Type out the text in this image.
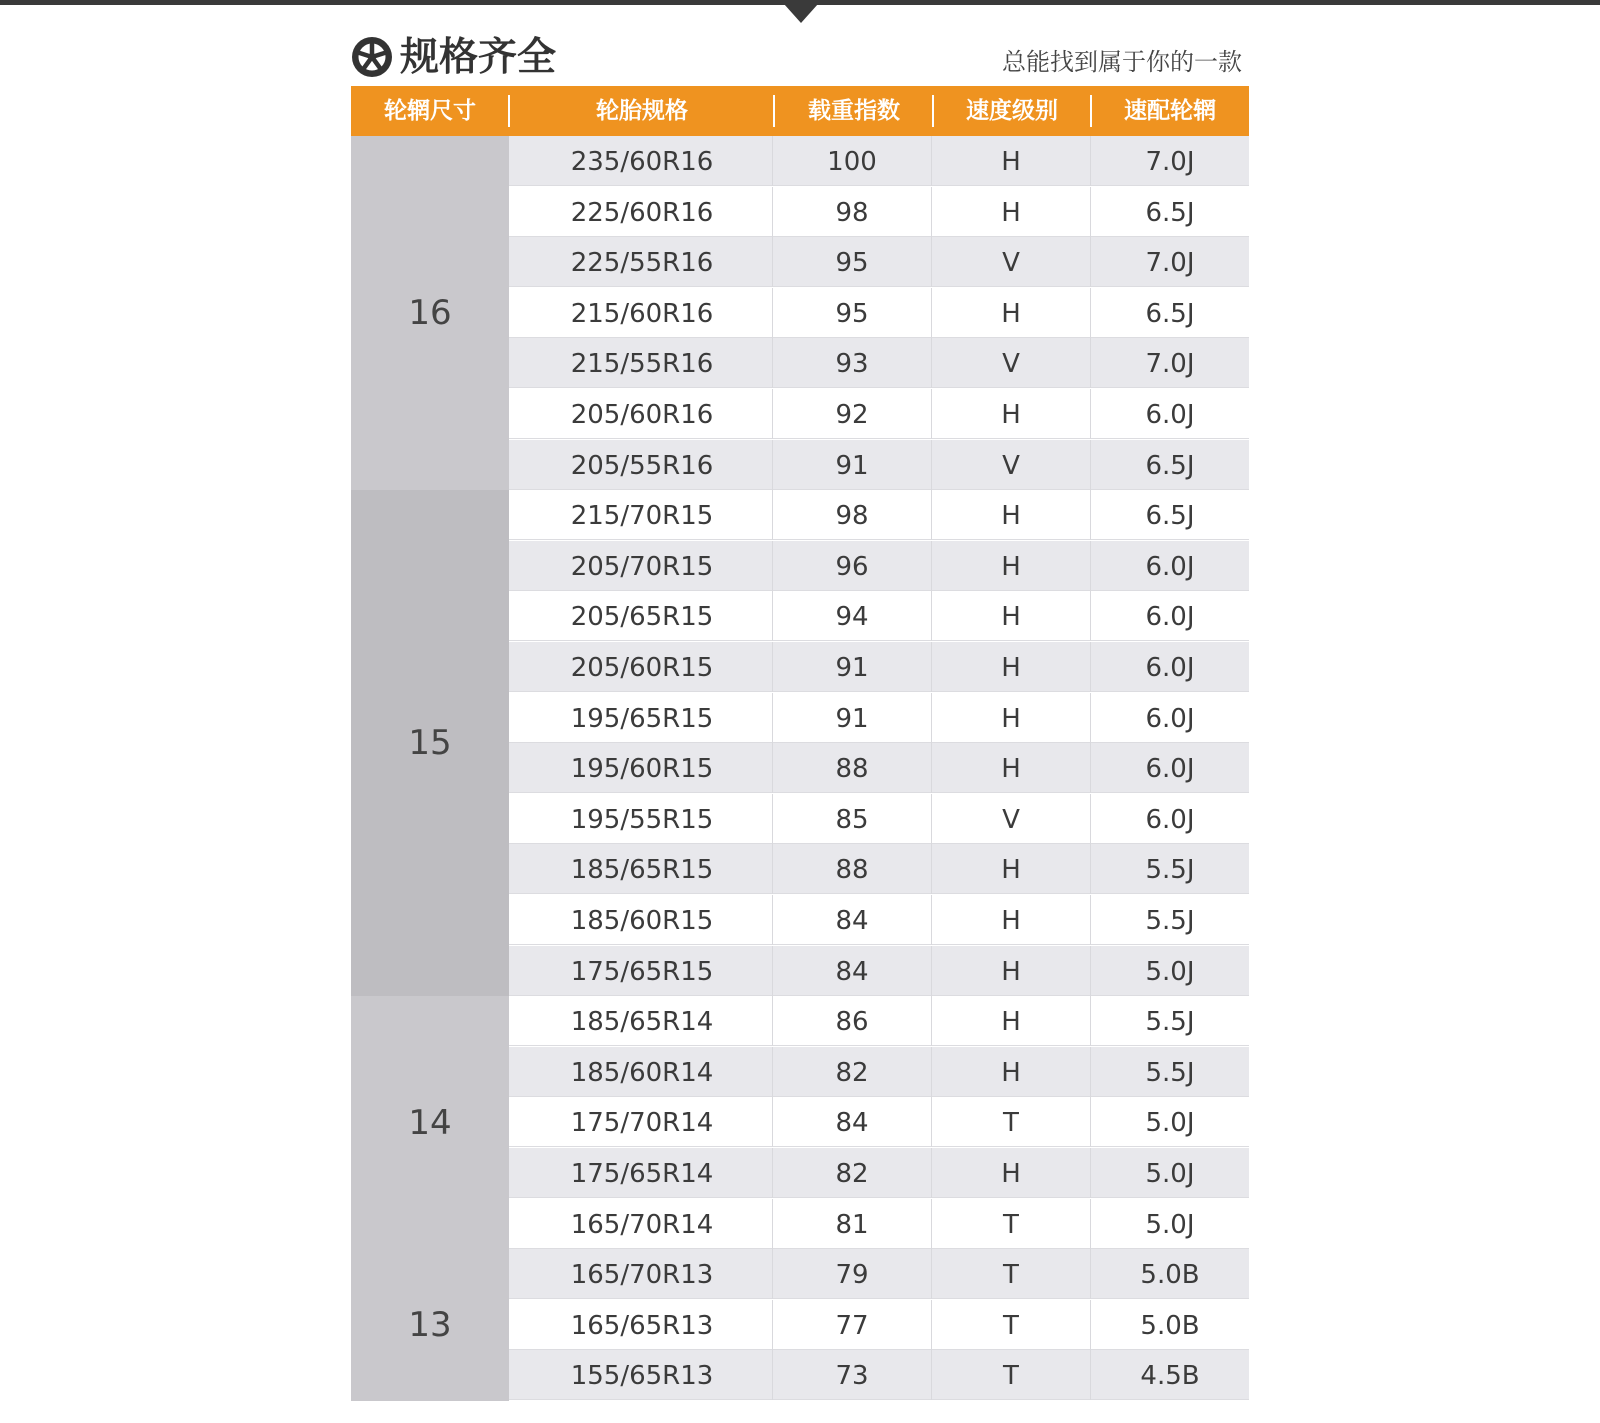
规格齐全	总能找到属于你的一款
轮辋尺寸	轮胎规格	载重指数	速度级别	速配轮辋
16
235/60R16	100	H	7.0J
225/60R16	98	H	6.5J
225/55R16	95	V	7.0J
215/60R16	95	H	6.5J
215/55R16	93	V	7.0J
205/60R16	92	H	6.0J
205/55R16	91	V	6.5J
15
215/70R15	98	H	6.5J
205/70R15	96	H	6.0J
205/65R15	94	H	6.0J
205/60R15	91	H	6.0J
195/65R15	91	H	6.0J
195/60R15	88	H	6.0J
195/55R15	85	V	6.0J
185/65R15	88	H	5.5J
185/60R15	84	H	5.5J
175/65R15	84	H	5.0J
14
185/65R14	86	H	5.5J
185/60R14	82	H	5.5J
175/70R14	84	T	5.0J
175/65R14	82	H	5.0J
165/70R14	81	T	5.0J
13
165/70R13	79	T	5.0B
165/65R13	77	T	5.0B
155/65R13	73	T	4.5B
